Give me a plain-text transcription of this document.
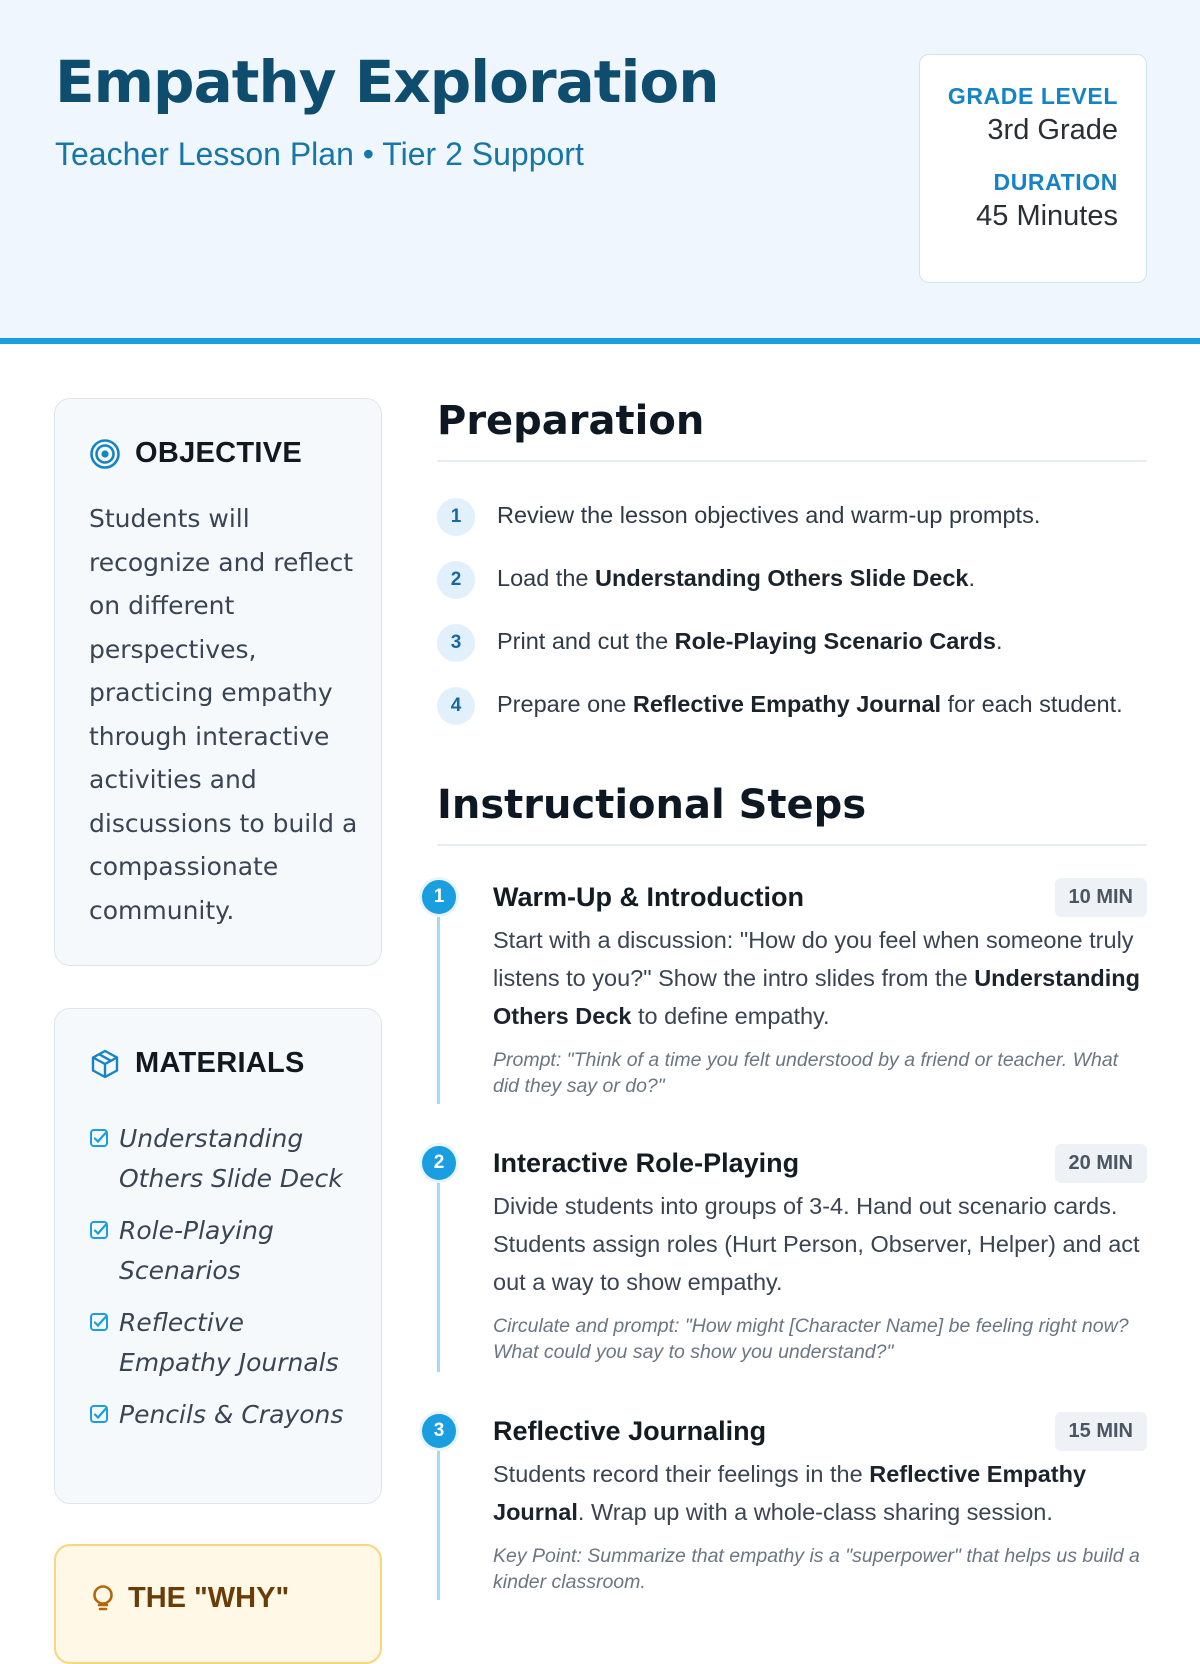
Empathy Exploration
Teacher Lesson Plan • Tier 2 Support
GRADE LEVEL
3rd Grade
DURATION
45 Minutes
OBJECTIVE
Students will recognize and reflect on different perspectives, practicing empathy through interactive activities and discussions to build a compassionate community.
MATERIALS
Understanding Others Slide Deck
Role-Playing Scenarios
Reflective Empathy Journals
Pencils & Crayons
THE "WHY"
Preparation
1	Review the lesson objectives and warm-up prompts.
2	Load the Understanding Others Slide Deck.
3	Print and cut the Role-Playing Scenario Cards.
4	Prepare one Reflective Empathy Journal for each student.
Instructional Steps
1	Warm-Up & Introduction	10 MIN
Start with a discussion: "How do you feel when someone truly listens to you?" Show the intro slides from the Understanding Others Deck to define empathy.
Prompt: "Think of a time you felt understood by a friend or teacher. What did they say or do?"
2	Interactive Role-Playing	20 MIN
Divide students into groups of 3-4. Hand out scenario cards. Students assign roles (Hurt Person, Observer, Helper) and act out a way to show empathy.
Circulate and prompt: "How might [Character Name] be feeling right now? What could you say to show you understand?"
3	Reflective Journaling	15 MIN
Students record their feelings in the Reflective Empathy Journal. Wrap up with a whole-class sharing session.
Key Point: Summarize that empathy is a "superpower" that helps us build a kinder classroom.
